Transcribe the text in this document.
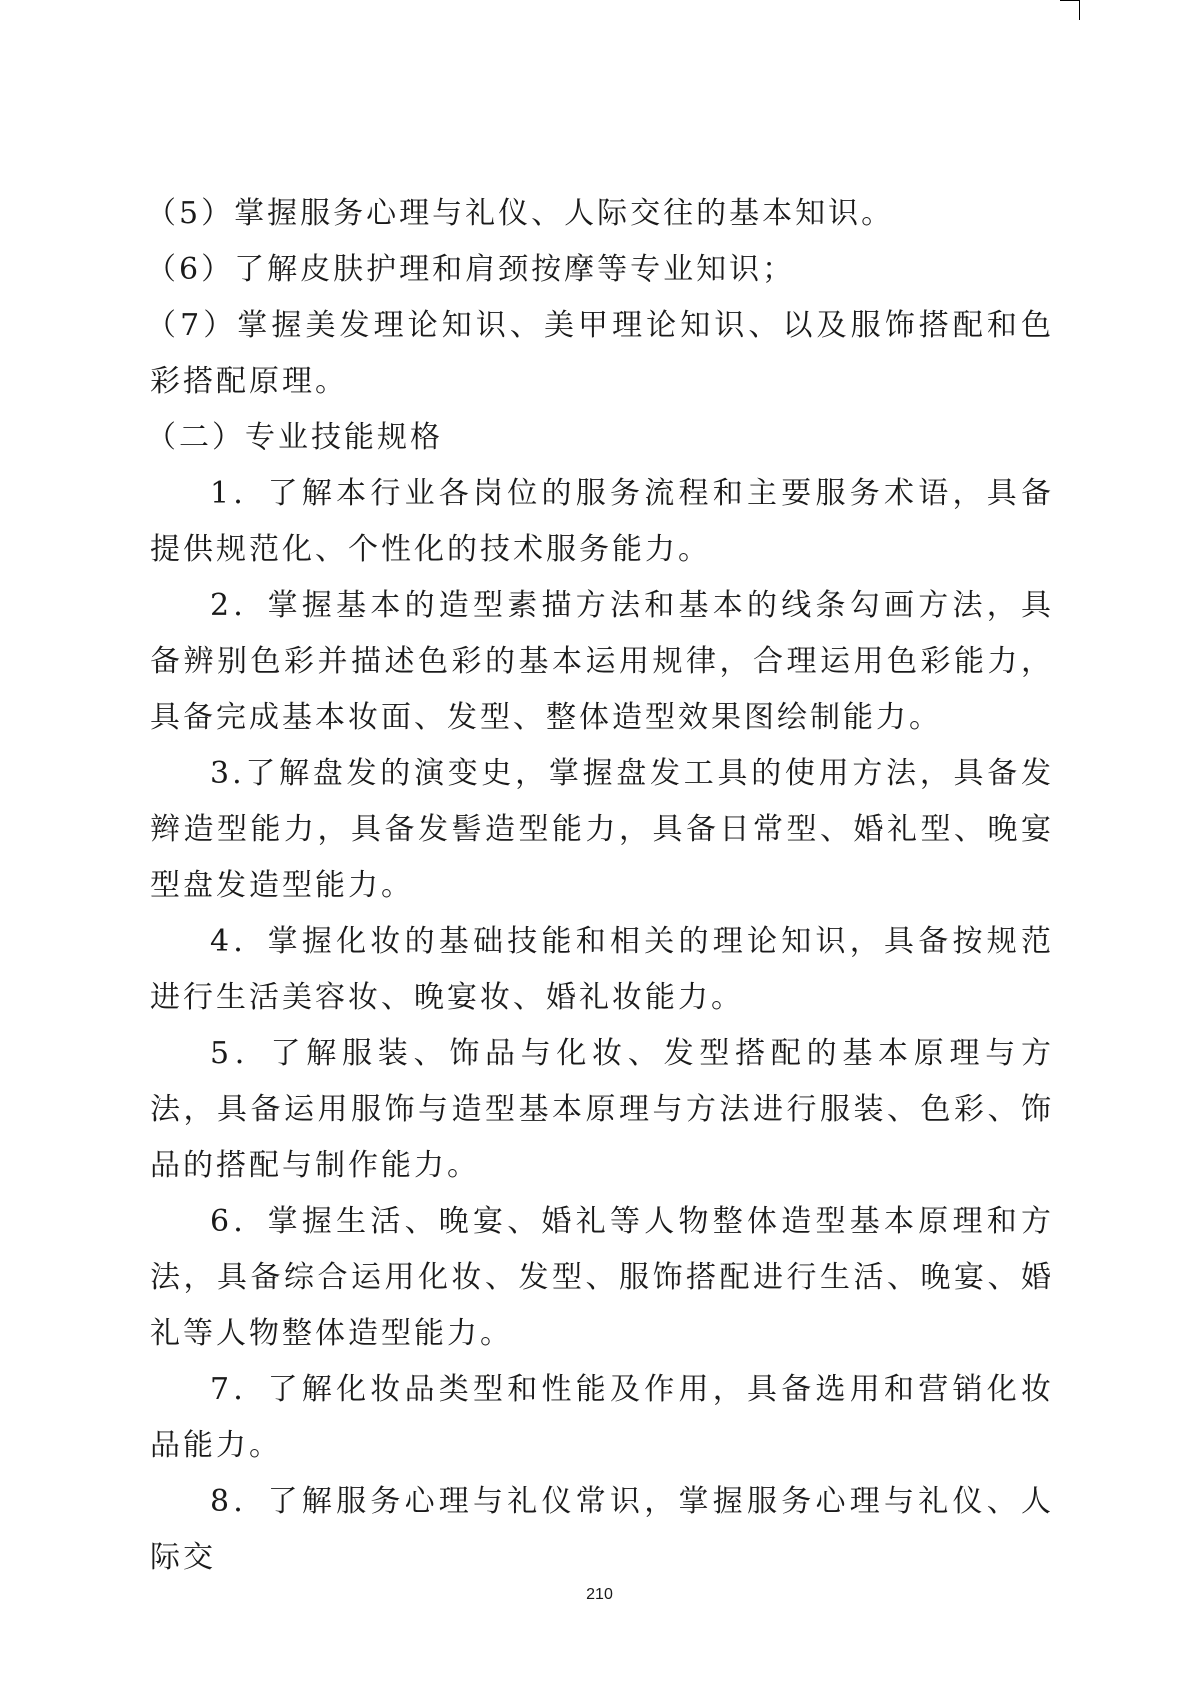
（5）掌握服务心理与礼仪、人际交往的基本知识。

（6）了解皮肤护理和肩颈按摩等专业知识；

（7）掌握美发理论知识、美甲理论知识、以及服饰搭配和色彩搭配原理。

（二）专业技能规格

1．了解本行业各岗位的服务流程和主要服务术语，具备提供规范化、个性化的技术服务能力。

2．掌握基本的造型素描方法和基本的线条勾画方法，具备辨别色彩并描述色彩的基本运用规律，合理运用色彩能力，具备完成基本妆面、发型、整体造型效果图绘制能力。

3.了解盘发的演变史，掌握盘发工具的使用方法，具备发辫造型能力，具备发髻造型能力，具备日常型、婚礼型、晚宴型盘发造型能力。

4．掌握化妆的基础技能和相关的理论知识，具备按规范进行生活美容妆、晚宴妆、婚礼妆能力。

5．了解服装、饰品与化妆、发型搭配的基本原理与方法，具备运用服饰与造型基本原理与方法进行服装、色彩、饰品的搭配与制作能力。

6．掌握生活、晚宴、婚礼等人物整体造型基本原理和方法，具备综合运用化妆、发型、服饰搭配进行生活、晚宴、婚礼等人物整体造型能力。

7．了解化妆品类型和性能及作用，具备选用和营销化妆品能力。

8．了解服务心理与礼仪常识，掌握服务心理与礼仪、人际交

210
